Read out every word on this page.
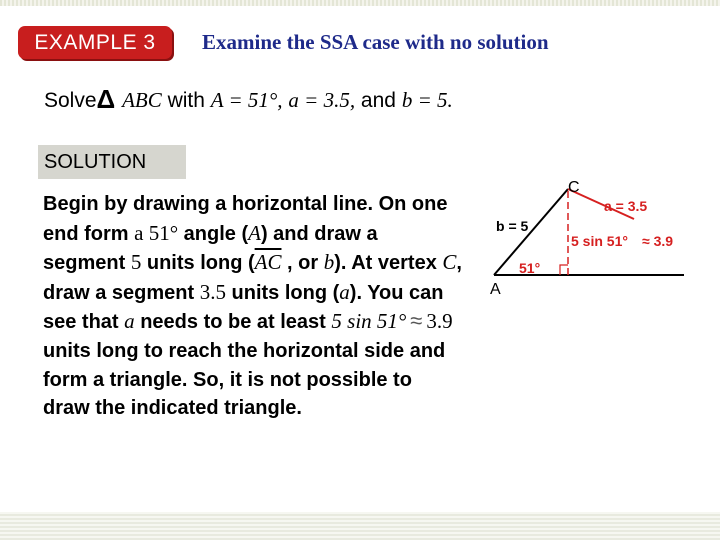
EXAMPLE 3	Examine the SSA case with no solution
SolveΔ ABC with A = 51°, a = 3.5, and b = 5.
SOLUTION
Begin by drawing a horizontal line. On one end form a 51° angle (A) and draw a segment 5 units long ($\overline{AC}$ , or b). At vertex C, draw a segment 3.5 units long (a). You can see that a needs to be at least 5 sin 51° ≈ 3.9 units long to reach the horizontal side and form a triangle. So, it is not possible to draw the indicated triangle.
C
A
b = 5
a = 3.5
51°
5 sin 51° ≈ 3.9
